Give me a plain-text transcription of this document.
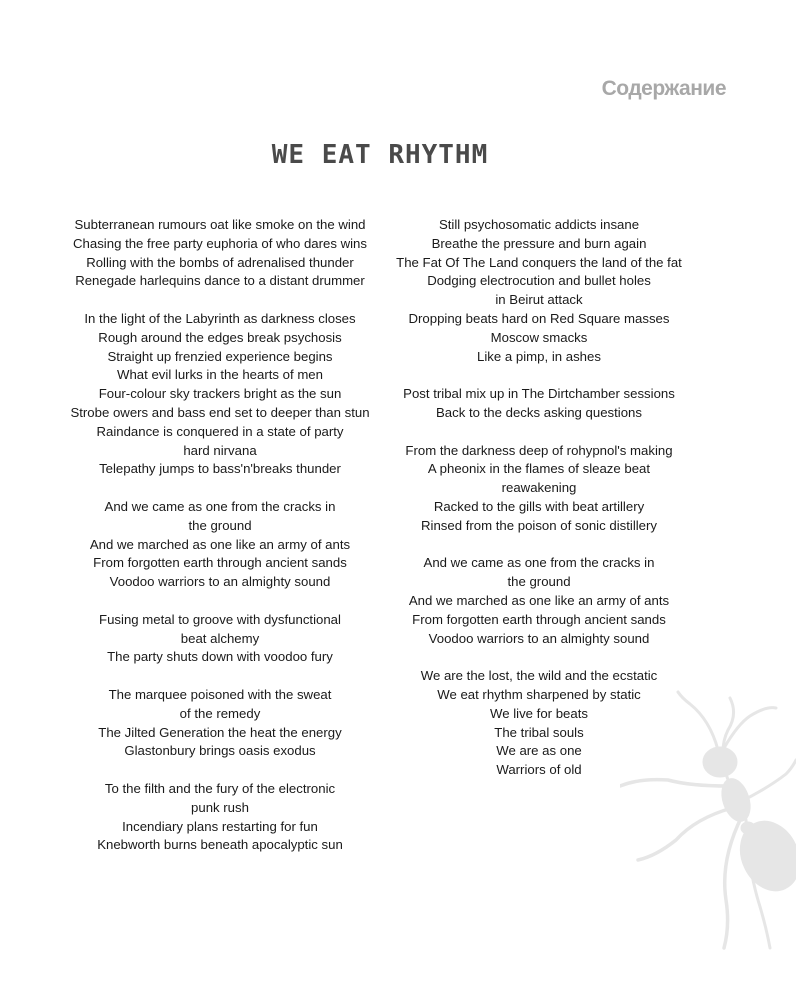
Содержание
WE EAT RHYTHM

Subterranean rumours oat like smoke on the wind
Chasing the free party euphoria of who dares wins
Rolling with the bombs of adrenalised thunder
Renegade harlequins dance to a distant drummer

In the light of the Labyrinth as darkness closes
Rough around the edges break psychosis
Straight up frenzied experience begins
What evil lurks in the hearts of men
Four-colour sky trackers bright as the sun
Strobe owers and bass end set to deeper than stun
Raindance is conquered in a state of party
hard nirvana
Telepathy jumps to bass'n'breaks thunder

And we came as one from the cracks in
the ground
And we marched as one like an army of ants
From forgotten earth through ancient sands
Voodoo warriors to an almighty sound

Fusing metal to groove with dysfunctional
beat alchemy
The party shuts down with voodoo fury

The marquee poisoned with the sweat
of the remedy
The Jilted Generation the heat the energy
Glastonbury brings oasis exodus

To the filth and the fury of the electronic
punk rush
Incendiary plans restarting for fun
Knebworth burns beneath apocalyptic sun

Still psychosomatic addicts insane
Breathe the pressure and burn again
The Fat Of The Land conquers the land of the fat
Dodging electrocution and bullet holes
in Beirut attack
Dropping beats hard on Red Square masses
Moscow smacks
Like a pimp, in ashes

Post tribal mix up in The Dirtchamber sessions
Back to the decks asking questions

From the darkness deep of rohypnol's making
A pheonix in the flames of sleaze beat
reawakening
Racked to the gills with beat artillery
Rinsed from the poison of sonic distillery

And we came as one from the cracks in
the ground
And we marched as one like an army of ants
From forgotten earth through ancient sands
Voodoo warriors to an almighty sound

We are the lost, the wild and the ecstatic
We eat rhythm sharpened by static
We live for beats
The tribal souls
We are as one
Warriors of old
